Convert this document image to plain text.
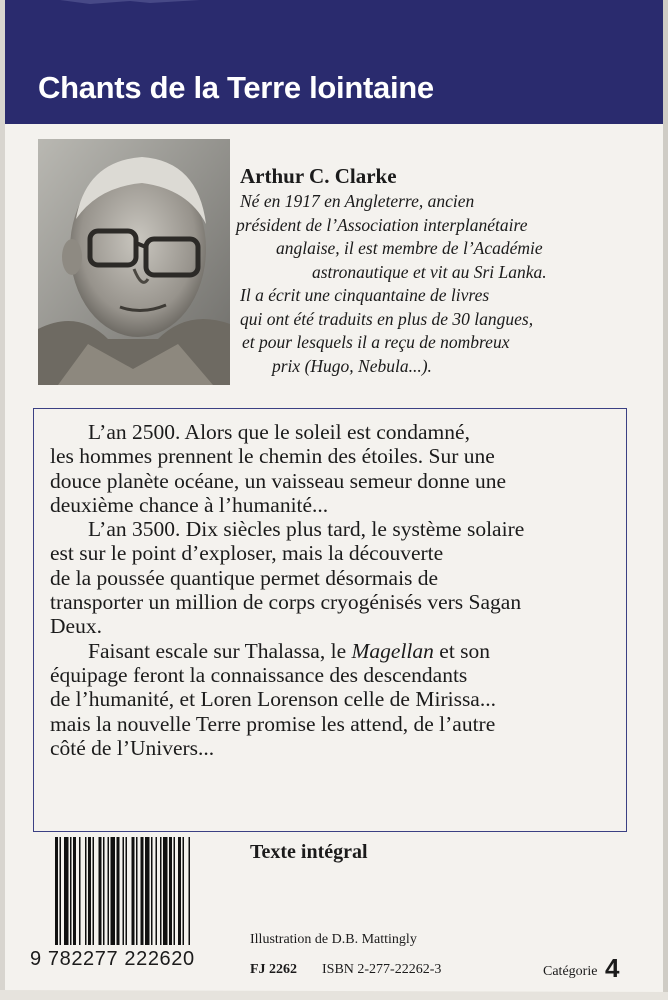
Chants de la Terre lointaine
Arthur C. Clarke
Né en 1917 en Angleterre, ancien
président de l’Association interplanétaire
anglaise, il est membre de l’Académie
astronautique et vit au Sri Lanka.
Il a écrit une cinquantaine de livres
qui ont été traduits en plus de 30 langues,
et pour lesquels il a reçu de nombreux
prix (Hugo, Nebula...).
L’an 2500. Alors que le soleil est condamné,
les hommes prennent le chemin des étoiles. Sur une
douce planète océane, un vaisseau semeur donne une
deuxième chance à l’humanité...
L’an 3500. Dix siècles plus tard, le système solaire
est sur le point d’exploser, mais la découverte
de la poussée quantique permet désormais de
transporter un million de corps cryogénisés vers Sagan
Deux.
Faisant escale sur Thalassa, le Magellan et son
équipage feront la connaissance des descendants
de l’humanité, et Loren Lorenson celle de Mirissa...
mais la nouvelle Terre promise les attend, de l’autre
côté de l’Univers...
Texte intégral
9 782277 222620
Illustration de D.B. Mattingly
FJ 2262 ISBN 2-277-22262-3	Catégorie 4
